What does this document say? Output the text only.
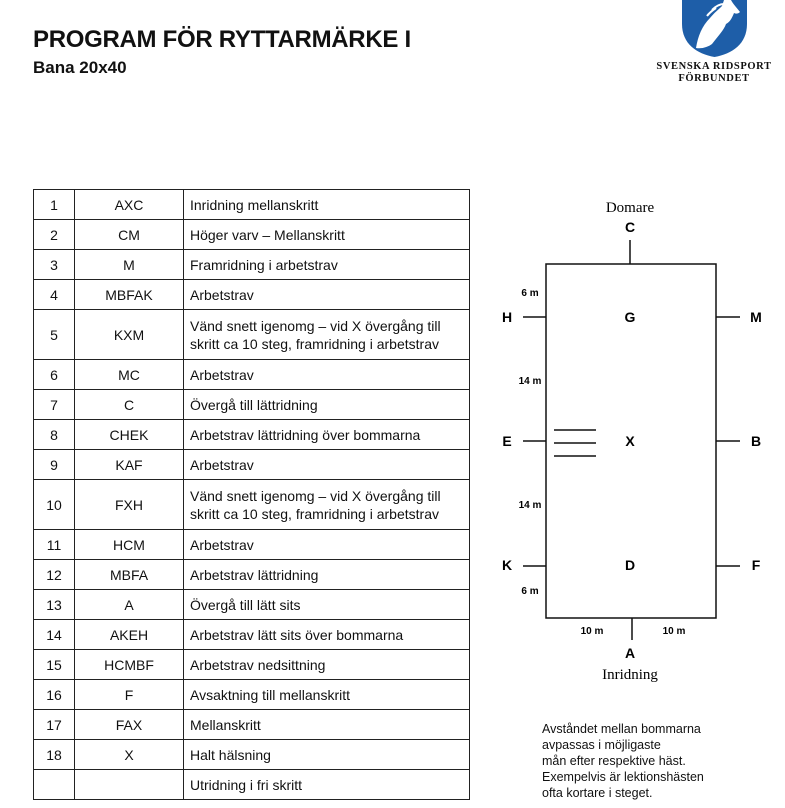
PROGRAM FÖR RYTTARMÄRKE I
Bana 20x40	SVENSKA RIDSPORT
FÖRBUNDET
1	AXC	Inridning mellanskritt
2	CM	Höger varv – Mellanskritt
3	M	Framridning i arbetstrav
4	MBFAK	Arbetstrav
5	KXM	Vänd snett igenomg – vid X övergång till skritt ca 10 steg, framridning i arbetstrav
6	MC	Arbetstrav
7	C	Övergå till lättridning
8	CHEK	Arbetstrav lättridning över bommarna
9	KAF	Arbetstrav
10	FXH	Vänd snett igenomg – vid X övergång till skritt ca 10 steg, framridning i arbetstrav
11	HCM	Arbetstrav
12	MBFA	Arbetstrav lättridning
13	A	Övergå till lätt sits
14	AKEH	Arbetstrav lätt sits över bommarna
15	HCMBF	Arbetstrav nedsittning
16	F	Avsaktning till mellanskritt
17	FAX	Mellanskritt
18	X	Halt hälsning
		Utridning i fri skritt
Domare
C
6 m
H	M
G
14 m
E	B
X
14 m
K	F
D
6 m
10 m	10 m
A
Inridning
Avståndet mellan bommarna
avpassas i möjligaste
mån efter respektive häst.
Exempelvis är lektionshästen
ofta kortare i steget.
